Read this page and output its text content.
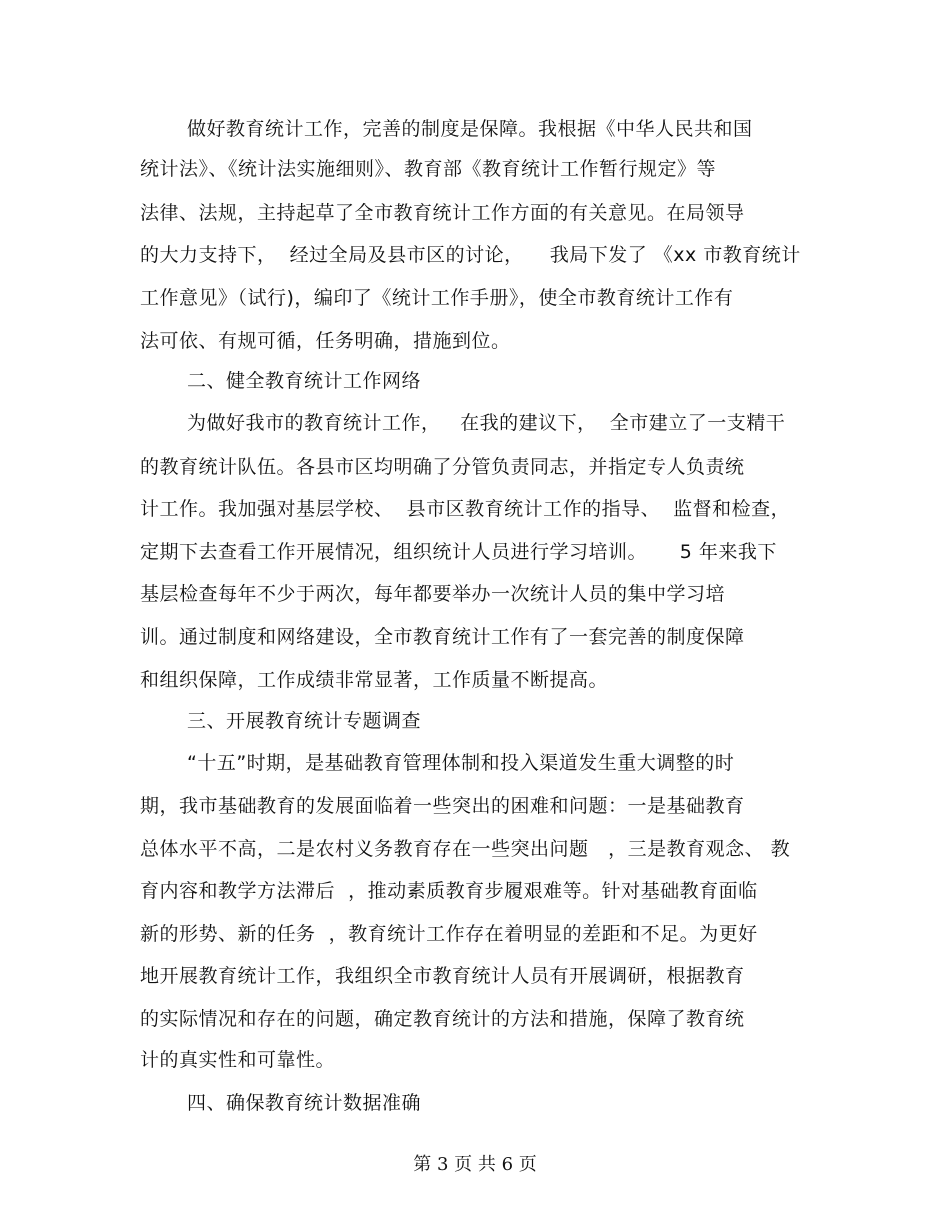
做好教育统计工作，完善的制度是保障。我根据《中华人民共和国
统计法》、《统计法实施细则》、教育部《教育统计工作暂行规定》等
法律、法规，主持起草了全市教育统计工作方面的有关意见。在局领导
的大力支持下，  经过全局及县市区的讨论，    我局下发了 《xx 市教育统计
工作意见》（试行)，编印了《统计工作手册》，使全市教育统计工作有
法可依、有规可循，任务明确，措施到位。
二、健全教育统计工作网络
为做好我市的教育统计工作，   在我的建议下，  全市建立了一支精干
的教育统计队伍。各县市区均明确了分管负责同志，并指定专人负责统
计工作。我加强对基层学校、  县市区教育统计工作的指导、  监督和检查，
定期下去查看工作开展情况，组织统计人员进行学习培训。     5 年来我下
基层检查每年不少于两次，每年都要举办一次统计人员的集中学习培
训。通过制度和网络建设，全市教育统计工作有了一套完善的制度保障
和组织保障，工作成绩非常显著，工作质量不断提高。
三、开展教育统计专题调查
“十五”时期，是基础教育管理体制和投入渠道发生重大调整的时
期，我市基础教育的发展面临着一些突出的困难和问题：一是基础教育
总体水平不高，二是农村义务教育存在一些突出问题   ，三是教育观念、 教
育内容和教学方法滞后  ，推动素质教育步履艰难等。针对基础教育面临
新的形势、新的任务  ，教育统计工作存在着明显的差距和不足。为更好
地开展教育统计工作，我组织全市教育统计人员有开展调研，根据教育
的实际情况和存在的问题，确定教育统计的方法和措施，保障了教育统
计的真实性和可靠性。
四、确保教育统计数据准确
第 3 页 共 6 页
